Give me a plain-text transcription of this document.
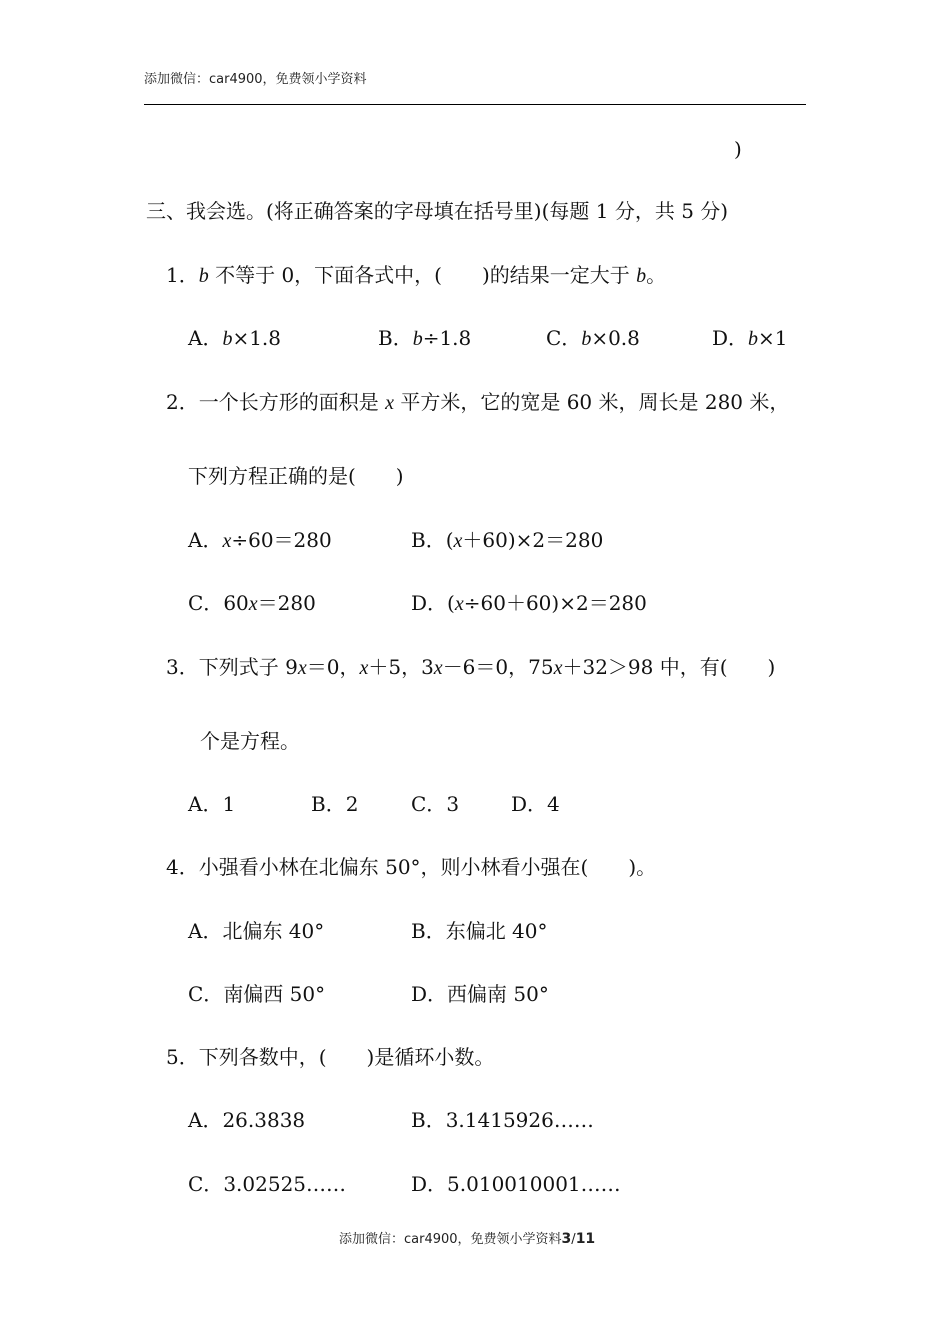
添加微信：car4900，免费领小学资料
)
三、我会选。(将正确答案的字母填在括号里)(每题 1 分，共 5 分)
1．b 不等于 0，下面各式中，(　　)的结果一定大于 b。
A．b×1.8	B．b÷1.8	C．b×0.8	D．b×1
2．一个长方形的面积是 x 平方米，它的宽是 60 米，周长是 280 米，
下列方程正确的是(　　)
A．x÷60＝280	B．(x＋60)×2＝280
C．60x＝280	D．(x÷60＋60)×2＝280
3．下列式子 9x＝0，x＋5，3x－6＝0，75x＋32＞98 中，有(　　)
个是方程。
A．1	B．2	C．3	D．4
4．小强看小林在北偏东 50°，则小林看小强在(　　)。
A．北偏东 40°	B．东偏北 40°
C．南偏西 50°	D．西偏南 50°
5．下列各数中，(　　)是循环小数。
A．26.3838	B．3.1415926……
C．3.02525……	D．5.010010001……
添加微信：car4900，免费领小学资料3/11
